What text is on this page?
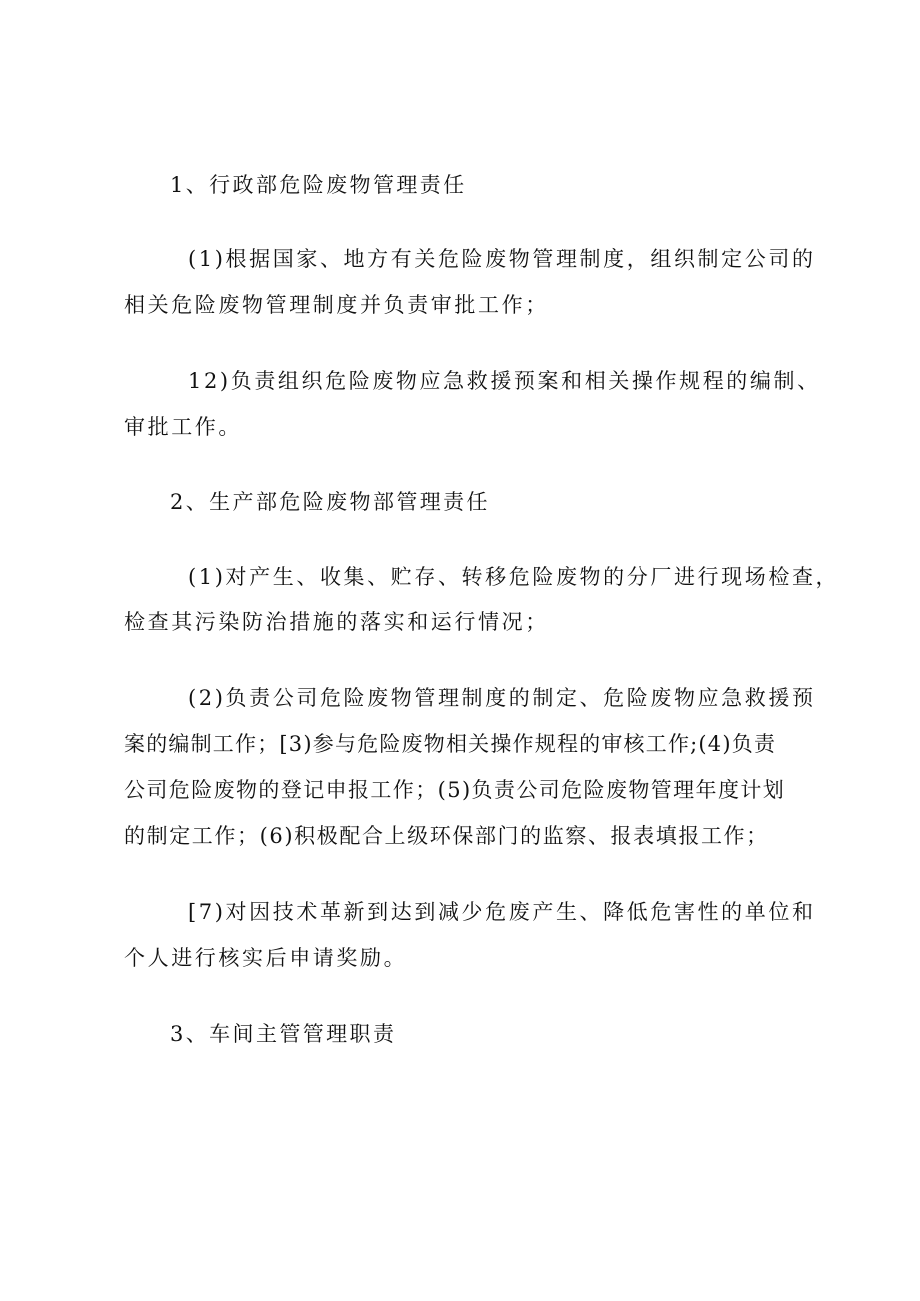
1、行政部危险废物管理责任
(1)根据国家、地方有关危险废物管理制度，组织制定公司的
相关危险废物管理制度并负责审批工作；
12)负责组织危险废物应急救援预案和相关操作规程的编制、
审批工作。
2、生产部危险废物部管理责任
(1)对产生、收集、贮存、转移危险废物的分厂进行现场检查，
检查其污染防治措施的落实和运行情况；
(2)负责公司危险废物管理制度的制定、危险废物应急救援预
案的编制工作；[3)参与危险废物相关操作规程的审核工作;(4)负责
公司危险废物的登记申报工作；(5)负责公司危险废物管理年度计划
的制定工作；(6)积极配合上级环保部门的监察、报表填报工作；
[7)对因技术革新到达到减少危废产生、降低危害性的单位和
个人进行核实后申请奖励。
3、车间主管管理职责
